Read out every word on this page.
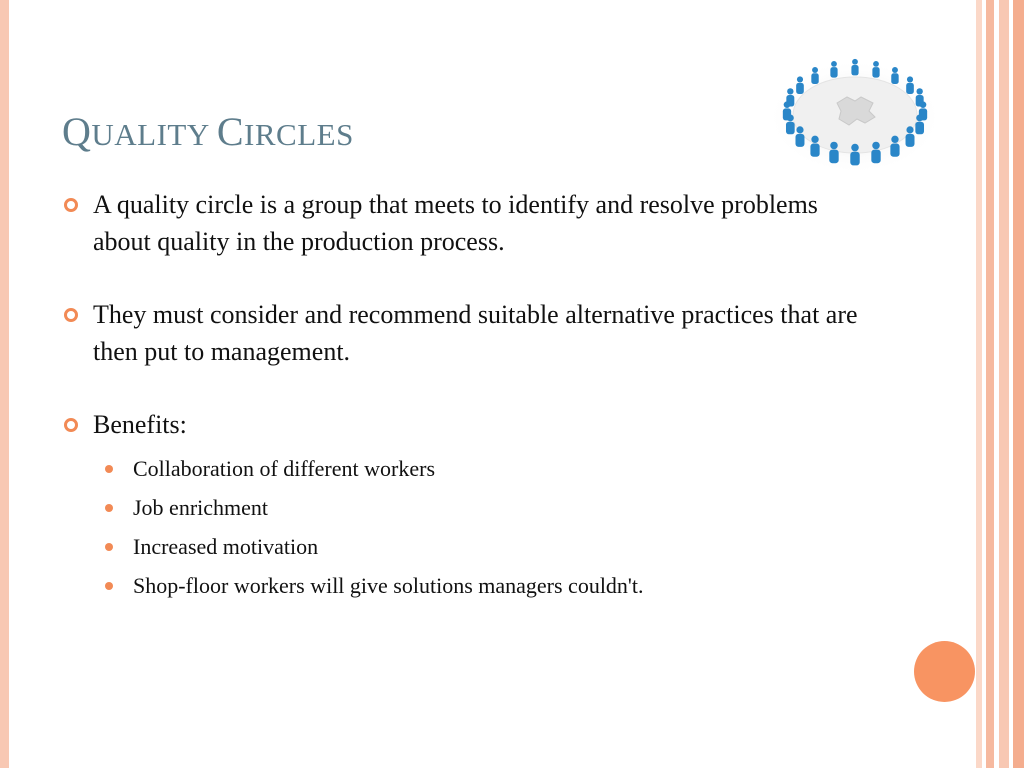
QUALITY CIRCLES
A quality circle is a group that meets to identify and resolve problems about quality in the production process.
They must consider and recommend suitable alternative practices that are then put to management.
Benefits:
Collaboration of different workers
Job enrichment
Increased motivation
Shop-floor workers will give solutions managers couldn't.
